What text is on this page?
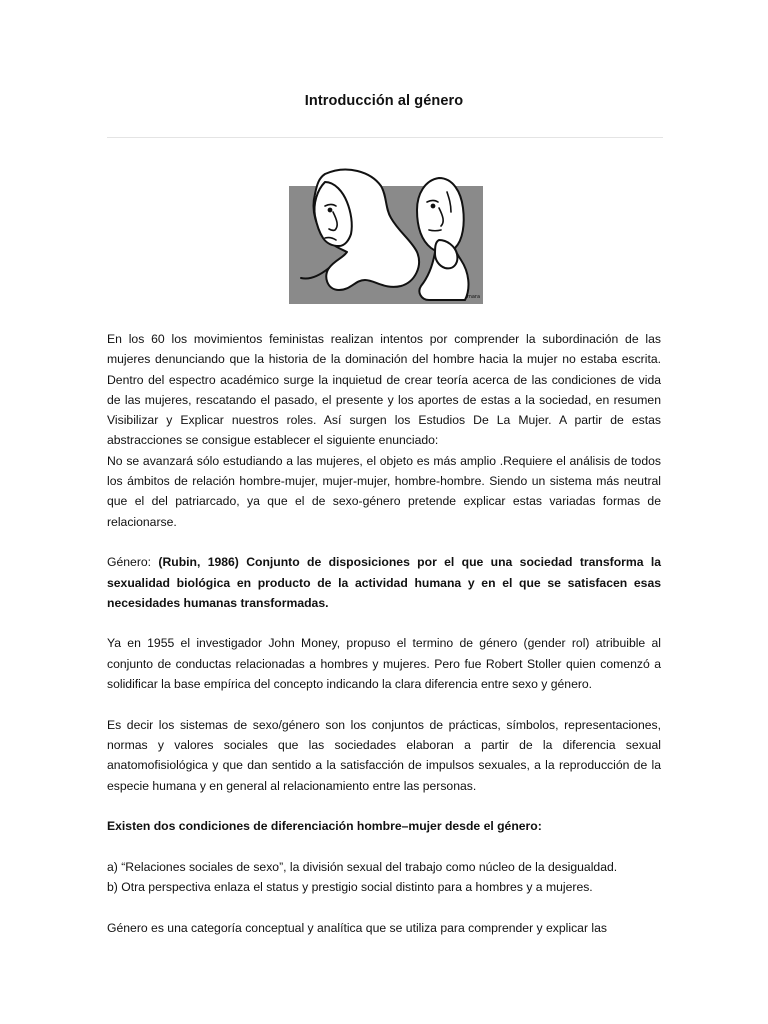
Introducción al género
mara

En los 60 los movimientos feministas realizan intentos por comprender la subordinación de las mujeres denunciando que la historia de la dominación del hombre hacia la mujer no estaba escrita. Dentro del espectro académico surge la inquietud de crear teoría acerca de las condiciones de vida de las mujeres, rescatando el pasado, el presente y los aportes de estas a la sociedad, en resumen Visibilizar y Explicar nuestros roles. Así surgen los Estudios De La Mujer. A partir de estas abstracciones se consigue establecer el siguiente enunciado:

No se avanzará sólo estudiando a las mujeres, el objeto es más amplio .Requiere el análisis de todos los ámbitos de relación hombre-mujer, mujer-mujer, hombre-hombre. Siendo un sistema más neutral que el del patriarcado, ya que el de sexo-género pretende explicar estas variadas formas de relacionarse.

Género: (Rubin, 1986) Conjunto de disposiciones por el que una sociedad transforma la sexualidad biológica en producto de la actividad humana y en el que se satisfacen esas necesidades humanas transformadas.

Ya en 1955 el investigador John Money, propuso el termino de género (gender rol) atribuible al conjunto de conductas relacionadas a hombres y mujeres. Pero fue Robert Stoller quien comenzó a solidificar la base empírica del concepto indicando la clara diferencia entre sexo y género.

Es decir los sistemas de sexo/género son los conjuntos de prácticas, símbolos, representaciones, normas y valores sociales que las sociedades elaboran a partir de la diferencia sexual anatomofisiológica y que dan sentido a la satisfacción de impulsos sexuales, a la reproducción de la especie humana y en general al relacionamiento entre las personas.

Existen dos condiciones de diferenciación hombre–mujer desde el género:

a) “Relaciones sociales de sexo”, la división sexual del trabajo como núcleo de la desigualdad.

b) Otra perspectiva enlaza el status y prestigio social distinto para a hombres y a mujeres.

Género es una categoría conceptual y analítica que se utiliza para comprender y explicar las
